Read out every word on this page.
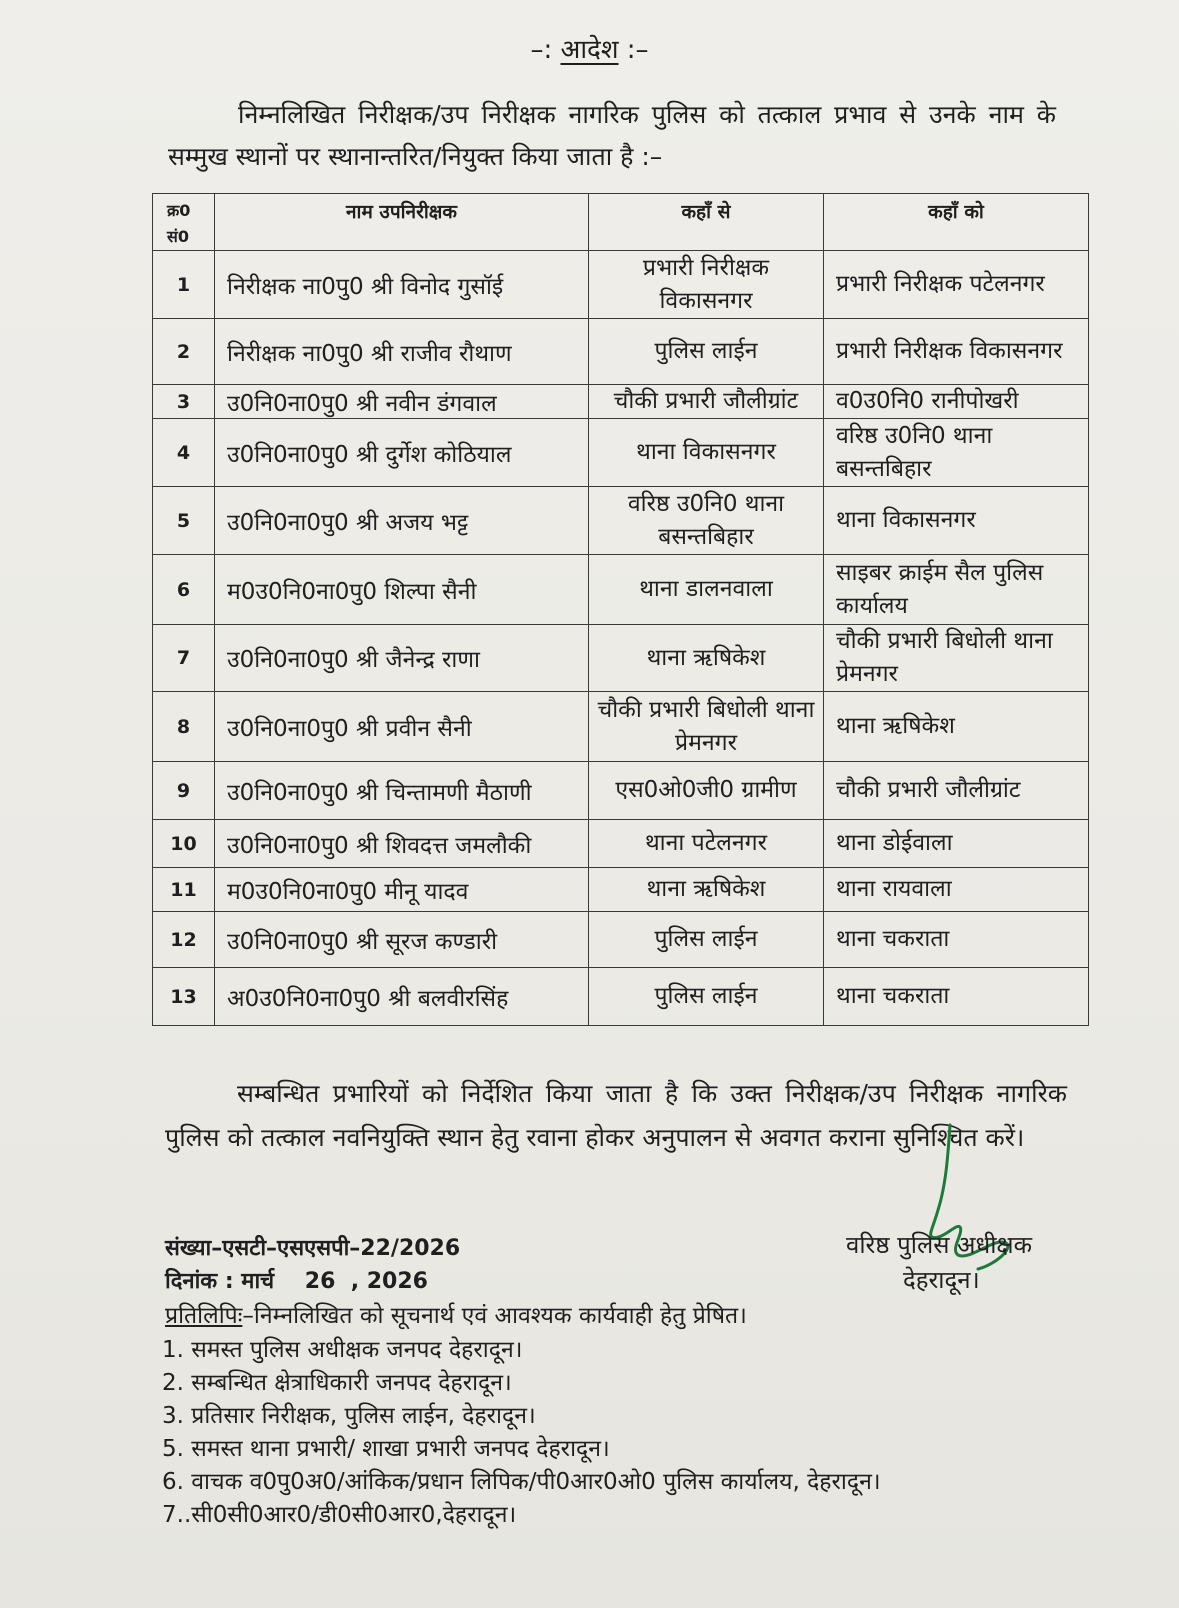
–: आदेश :–
निम्नलिखित निरीक्षक/उप निरीक्षक नागरिक पुलिस को तत्काल प्रभाव से उनके नाम के सम्मुख स्थानों पर स्थानान्तरित/नियुक्त किया जाता है :–
क्र0 सं0	नाम उपनिरीक्षक	कहाँ से	कहाँ को
1	निरीक्षक ना0पु0 श्री विनोद गुसॉई	प्रभारी निरीक्षक विकासनगर	प्रभारी निरीक्षक पटेलनगर
2	निरीक्षक ना0पु0 श्री राजीव रौथाण	पुलिस लाईन	प्रभारी निरीक्षक विकासनगर
3	उ0नि0ना0पु0 श्री नवीन डंगवाल	चौकी प्रभारी जौलीग्रांट	व0उ0नि0 रानीपोखरी
4	उ0नि0ना0पु0 श्री दुर्गेश कोठियाल	थाना विकासनगर	वरिष्ठ उ0नि0 थाना बसन्तबिहार
5	उ0नि0ना0पु0 श्री अजय भट्ट	वरिष्ठ उ0नि0 थाना बसन्तबिहार	थाना विकासनगर
6	म0उ0नि0ना0पु0 शिल्पा सैनी	थाना डालनवाला	साइबर क्राईम सैल पुलिस कार्यालय
7	उ0नि0ना0पु0 श्री जैनेन्द्र राणा	थाना ऋषिकेश	चौकी प्रभारी बिधोली थाना प्रेमनगर
8	उ0नि0ना0पु0 श्री प्रवीन सैनी	चौकी प्रभारी बिधोली थाना प्रेमनगर	थाना ऋषिकेश
9	उ0नि0ना0पु0 श्री चिन्तामणी मैठाणी	एस0ओ0जी0 ग्रामीण	चौकी प्रभारी जौलीग्रांट
10	उ0नि0ना0पु0 श्री शिवदत्त जमलौकी	थाना पटेलनगर	थाना डोईवाला
11	म0उ0नि0ना0पु0 मीनू यादव	थाना ऋषिकेश	थाना रायवाला
12	उ0नि0ना0पु0 श्री सूरज कण्डारी	पुलिस लाईन	थाना चकराता
13	अ0उ0नि0ना0पु0 श्री बलवीरसिंह	पुलिस लाईन	थाना चकराता
सम्बन्धित प्रभारियों को निर्देशित किया जाता है कि उक्त निरीक्षक/उप निरीक्षक नागरिक पुलिस को तत्काल नवनियुक्ति स्थान हेतु रवाना होकर अनुपालन से अवगत कराना सुनिश्चित करें।
संख्या–एसटी–एसएसपी–22/2026
दिनांक : मार्च    26  , 2026
वरिष्ठ पुलिस अधीक्षक
देहरादून।
प्रतिलिपिः–निम्नलिखित को सूचनार्थ एवं आवश्यक कार्यवाही हेतु प्रेषित।
1. समस्त पुलिस अधीक्षक जनपद देहरादून।
2. सम्बन्धित क्षेत्राधिकारी जनपद देहरादून।
3. प्रतिसार निरीक्षक, पुलिस लाईन, देहरादून।
5. समस्त थाना प्रभारी/ शाखा प्रभारी जनपद देहरादून।
6. वाचक व0पु0अ0/आंकिक/प्रधान लिपिक/पी0आर0ओ0 पुलिस कार्यालय, देहरादून।
7..सी0सी0आर0/डी0सी0आर0,देहरादून।
